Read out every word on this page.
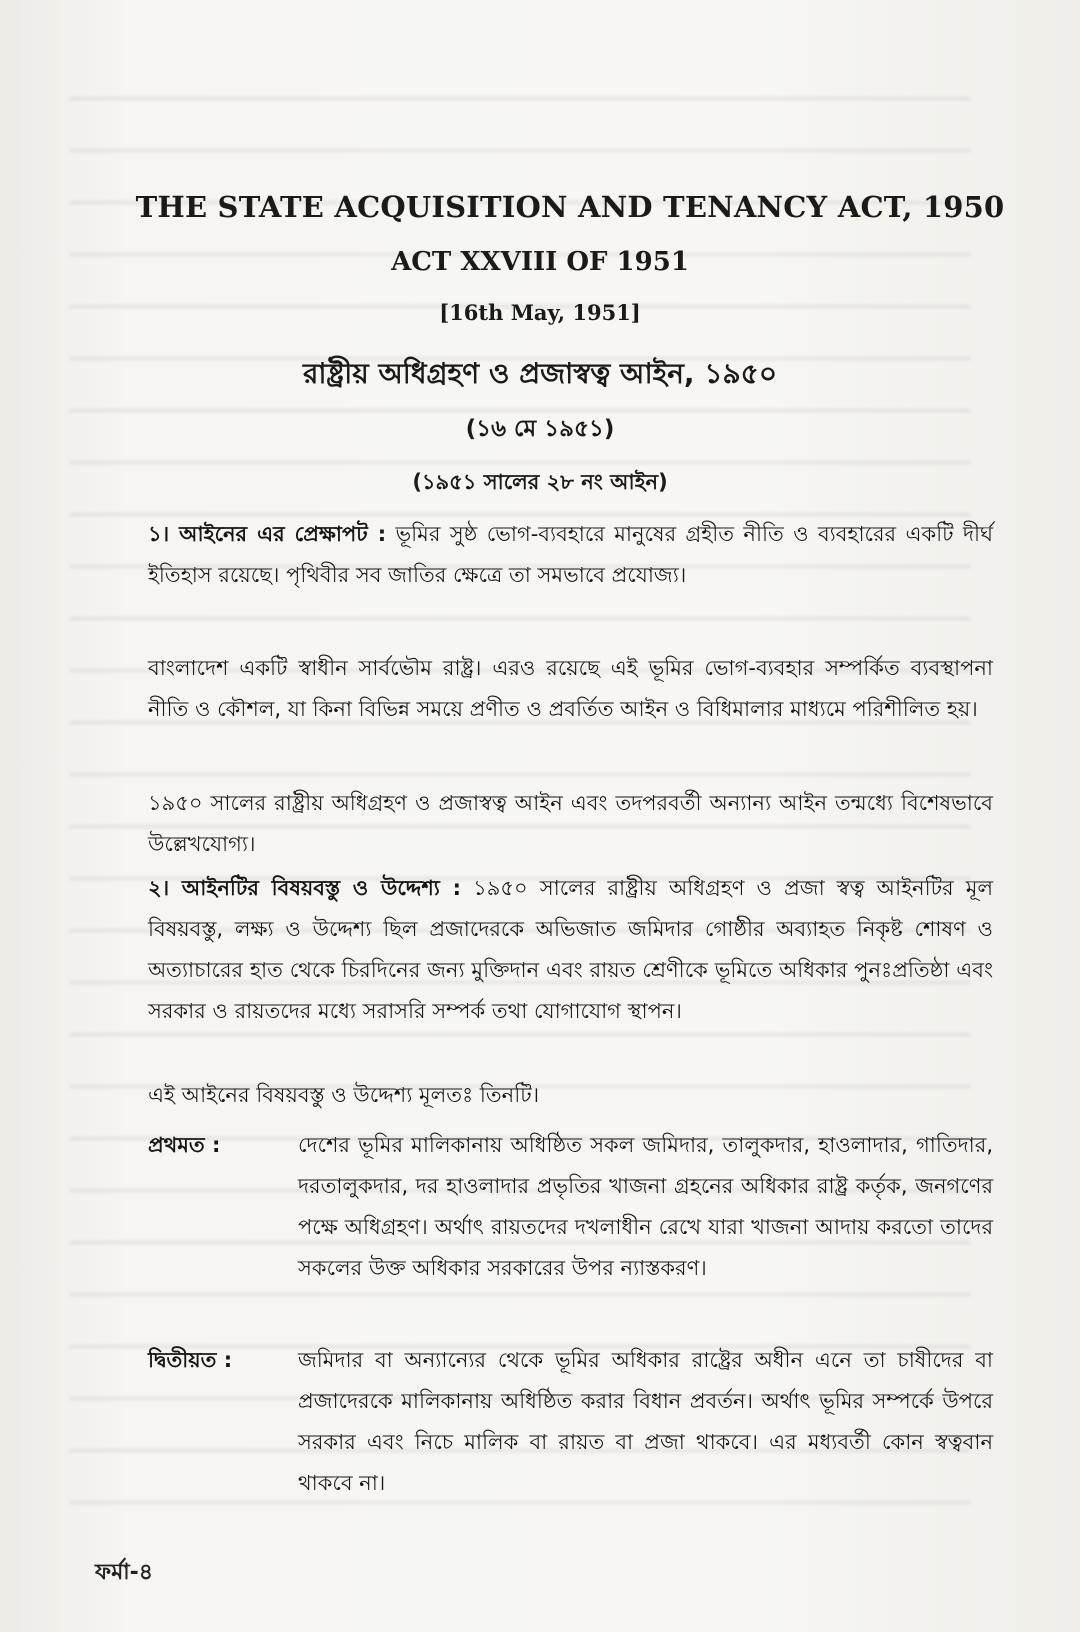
THE STATE ACQUISITION AND TENANCY ACT, 1950
ACT XXVIII OF 1951
[16th May, 1951]
রাষ্ট্রীয় অধিগ্রহণ ও প্রজাস্বত্ব আইন, ১৯৫০
(১৬ মে ১৯৫১)
(১৯৫১ সালের ২৮ নং আইন)

১। আইনের এর প্রেক্ষাপট : ভূমির সুষ্ঠ ভোগ-ব্যবহারে মানুষের গ্রহীত নীতি ও ব্যবহারের একটি দীর্ঘ ইতিহাস রয়েছে। পৃথিবীর সব জাতির ক্ষেত্রে তা সমভাবে প্রযোজ্য।

বাংলাদেশ একটি স্বাধীন সার্বভৌম রাষ্ট্র। এরও রয়েছে এই ভূমির ভোগ-ব্যবহার সম্পর্কিত ব্যবস্থাপনা নীতি ও কৌশল, যা কিনা বিভিন্ন সময়ে প্রণীত ও প্রবর্তিত আইন ও বিধিমালার মাধ্যমে পরিশীলিত হয়।

১৯৫০ সালের রাষ্ট্রীয় অধিগ্রহণ ও প্রজাস্বত্ব আইন এবং তদপরবর্তী অন্যান্য আইন তন্মধ্যে বিশেষভাবে উল্লেখযোগ্য।

২। আইনটির বিষয়বস্তু ও উদ্দেশ্য : ১৯৫০ সালের রাষ্ট্রীয় অধিগ্রহণ ও প্রজা স্বত্ব আইনটির মূল বিষয়বস্তু, লক্ষ্য ও উদ্দেশ্য ছিল প্রজাদেরকে অভিজাত জমিদার গোষ্ঠীর অব্যাহত নিকৃষ্ট শোষণ ও অত্যাচারের হাত থেকে চিরদিনের জন্য মুক্তিদান এবং রায়ত শ্রেণীকে ভূমিতে অধিকার পুনঃপ্রতিষ্ঠা এবং সরকার ও রায়তদের মধ্যে সরাসরি সম্পর্ক তথা যোগাযোগ স্থাপন।

এই আইনের বিষয়বস্তু ও উদ্দেশ্য মূলতঃ তিনটি।

প্রথমত :	দেশের ভূমির মালিকানায় অধিষ্ঠিত সকল জমিদার, তালুকদার, হাওলাদার, গাতিদার, দরতালুকদার, দর হাওলাদার প্রভৃতির খাজনা গ্রহনের অধিকার রাষ্ট্র কর্তৃক, জনগণের পক্ষে অধিগ্রহণ। অর্থাৎ রায়তদের দখলাধীন রেখে যারা খাজনা আদায় করতো তাদের সকলের উক্ত অধিকার সরকারের উপর ন্যাস্তকরণ।

দ্বিতীয়ত :	জমিদার বা অন্যান্যের থেকে ভূমির অধিকার রাষ্ট্রের অধীন এনে তা চাষীদের বা প্রজাদেরকে মালিকানায় অধিষ্ঠিত করার বিধান প্রবর্তন। অর্থাৎ ভূমির সম্পর্কে উপরে সরকার এবং নিচে মালিক বা রায়ত বা প্রজা থাকবে। এর মধ্যবর্তী কোন স্বত্ববান থাকবে না।

ফর্মা-৪
